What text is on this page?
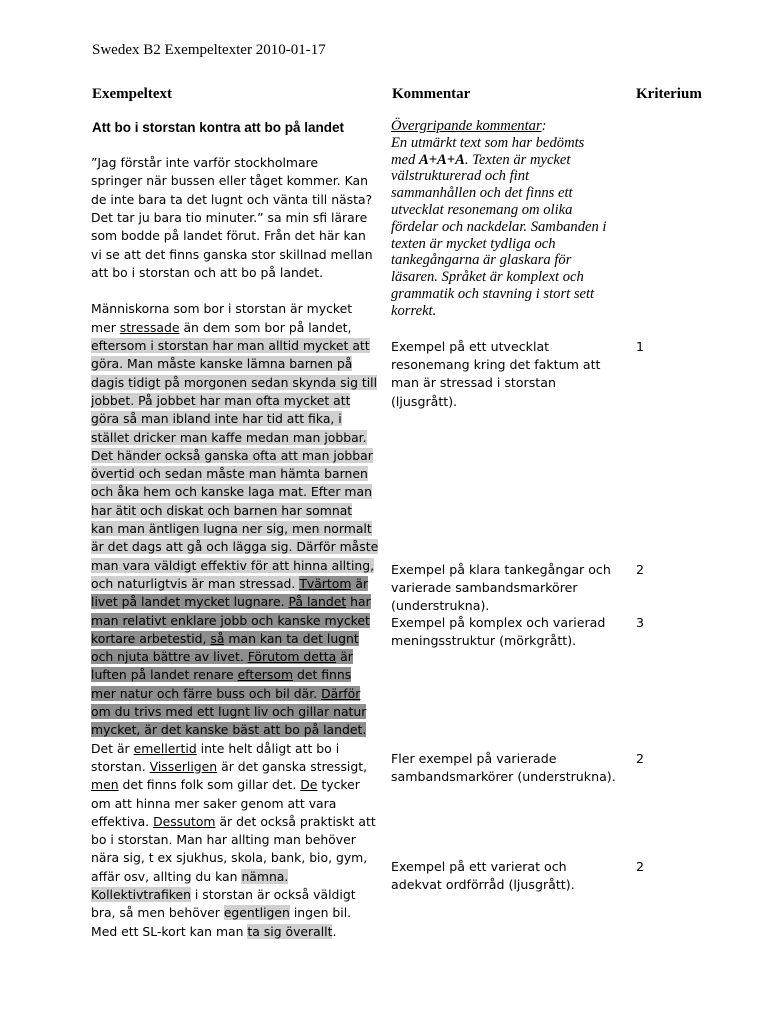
Swedex B2 Exempeltexter 2010-01-17
Exempeltext	Kommentar	Kriterium
Att bo i storstan kontra att bo på landet
”Jag förstår inte varför stockholmare
springer när bussen eller tåget kommer. Kan
de inte bara ta det lugnt och vänta till nästa?
Det tar ju bara tio minuter.” sa min sfi lärare
som bodde på landet förut. Från det här kan
vi se att det finns ganska stor skillnad mellan
att bo i storstan och att bo på landet.
Människorna som bor i storstan är mycket
mer stressade än dem som bor på landet,
eftersom i storstan har man alltid mycket att
göra. Man måste kanske lämna barnen på
dagis tidigt på morgonen sedan skynda sig till
jobbet. På jobbet har man ofta mycket att
göra så man ibland inte har tid att fika, i
stället dricker man kaffe medan man jobbar.
Det händer också ganska ofta att man jobbar
övertid och sedan måste man hämta barnen
och åka hem och kanske laga mat. Efter man
har ätit och diskat och barnen har somnat
kan man äntligen lugna ner sig, men normalt
är det dags att gå och lägga sig. Därför måste
man vara väldigt effektiv för att hinna allting,
och naturligtvis är man stressad. Tvärtom är
livet på landet mycket lugnare. På landet har
man relativt enklare jobb och kanske mycket
kortare arbetestid, så man kan ta det lugnt
och njuta bättre av livet. Förutom detta är
luften på landet renare eftersom det finns
mer natur och färre buss och bil där. Därför
om du trivs med ett lugnt liv och gillar natur
mycket, är det kanske bäst att bo på landet.
Det är emellertid inte helt dåligt att bo i
storstan. Visserligen är det ganska stressigt,
men det finns folk som gillar det. De tycker
om att hinna mer saker genom att vara
effektiva. Dessutom är det också praktiskt att
bo i storstan. Man har allting man behöver
nära sig, t ex sjukhus, skola, bank, bio, gym,
affär osv, allting du kan nämna.
Kollektivtrafiken i storstan är också väldigt
bra, så men behöver egentligen ingen bil.
Med ett SL-kort kan man ta sig överallt.
Övergripande kommentar:
En utmärkt text som har bedömts
med A+A+A. Texten är mycket välstrukturerad och fint sammanhållen och det finns ett utvecklat resonemang om olika fördelar och nackdelar. Sambanden i texten är mycket tydliga och tankegångarna är glaskara för läsaren. Språket är komplext och grammatik och stavning i stort sett korrekt.
Exempel på ett utvecklat resonemang kring det faktum att man är stressad i storstan (ljusgrått).
1
Exempel på klara tankegångar och varierade sambandsmarkörer (understrukna).
2
Exempel på komplex och varierad meningsstruktur (mörkgrått).
3
Fler exempel på varierade sambandsmarkörer (understrukna).
2
Exempel på ett varierat och adekvat ordförråd (ljusgrått).
2
